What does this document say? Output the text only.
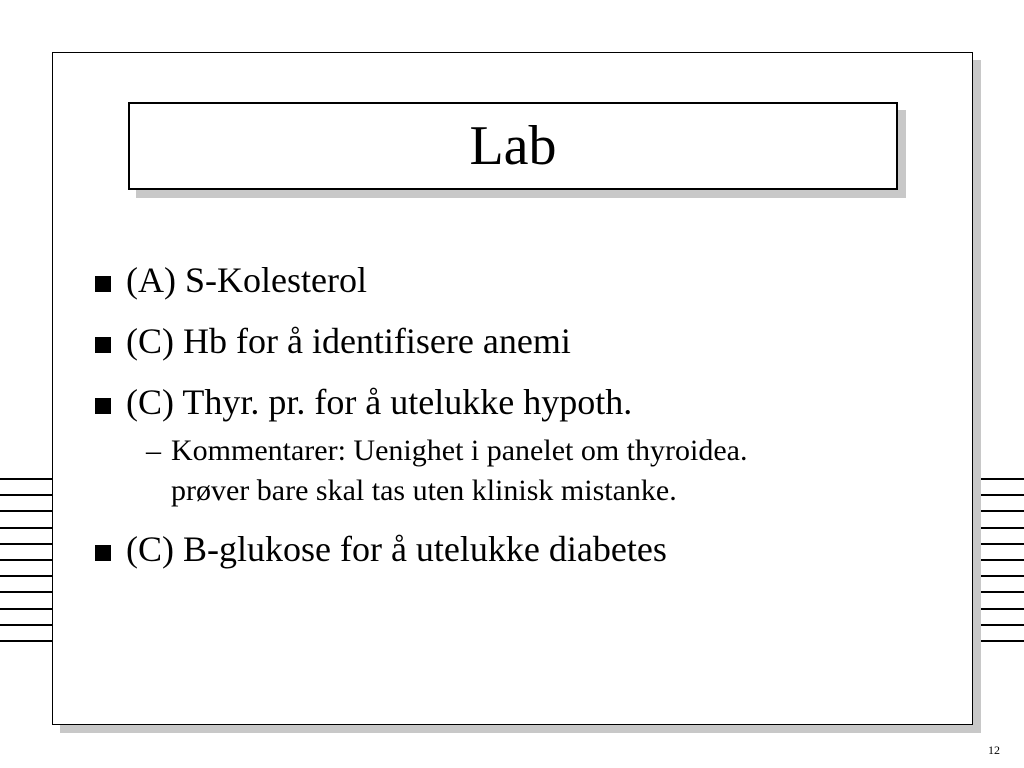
Lab
(A) S-Kolesterol
(C) Hb for å identifisere anemi
(C) Thyr. pr. for å utelukke hypoth.
– Kommentarer: Uenighet i panelet om thyroidea.
prøver bare skal tas uten klinisk mistanke.
(C) B-glukose for å utelukke diabetes
12
